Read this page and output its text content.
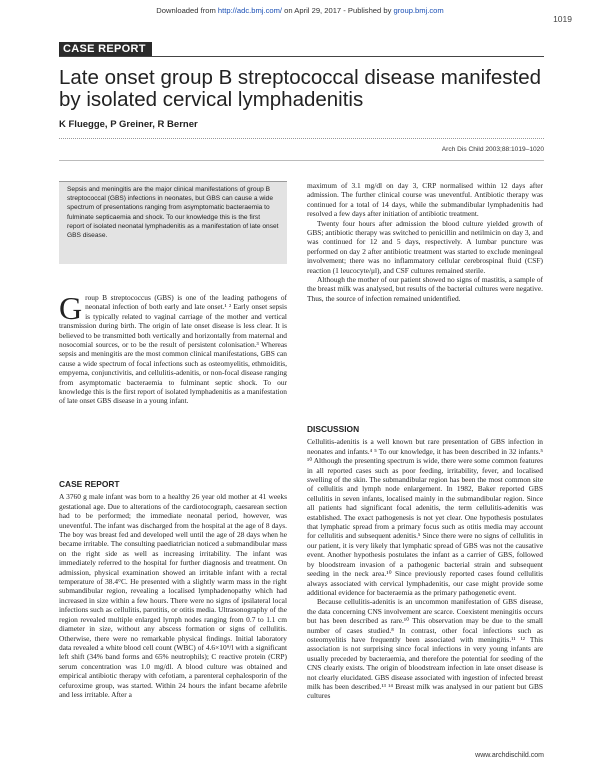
Downloaded from http://adc.bmj.com/ on April 29, 2017 - Published by group.bmj.com
1019
CASE REPORT
Late onset group B streptococcal disease manifested by isolated cervical lymphadenitis
K Fluegge, P Greiner, R Berner
Arch Dis Child 2003;88:1019–1020
Sepsis and meningitis are the major clinical manifestations of group B streptococcal (GBS) infections in neonates, but GBS can cause a wide spectrum of presentations ranging from asymptomatic bacteraemia to fulminate septicaemia and shock. To our knowledge this is the first report of isolated neonatal lymphadenitis as a manifestation of late onset GBS disease.

Group B streptococcus (GBS) is one of the leading pathogens of neonatal infection of both early and late onset.¹ ² Early onset sepsis is typically related to vaginal carriage of the mother and vertical transmission during birth. The origin of late onset disease is less clear. It is believed to be transmitted both vertically and horizontally from maternal and nosocomial sources, or to be the result of persistent colonisation.³ Whereas sepsis and meningitis are the most common clinical manifestations, GBS can cause a wide spectrum of focal infections such as osteomyelitis, ethmoiditis, empyema, conjunctivitis, and cellulitis-adenitis, or non-focal disease ranging from asymptomatic bacteraemia to fulminant septic shock. To our knowledge this is the first report of isolated lymphadenitis as a manifestation of late onset GBS disease in a young infant.

CASE REPORT

A 3760 g male infant was born to a healthy 26 year old mother at 41 weeks gestational age. Due to alterations of the cardiotocograph, caesarean section had to be performed; the immediate neonatal period, however, was uneventful. The infant was discharged from the hospital at the age of 8 days. The boy was breast fed and developed well until the age of 28 days when he became irritable. The consulting paediatrician noticed a submandibular mass on the right side as well as increasing irritability. The infant was immediately referred to the hospital for further diagnosis and treatment. On admission, physical examination showed an irritable infant with a rectal temperature of 38.4°C. He presented with a slightly warm mass in the right submandibular region, revealing a localised lymphadenopathy which had increased in size within a few hours. There were no signs of ipsilateral local infections such as cellulitis, parotitis, or otitis media. Ultrasonography of the region revealed multiple enlarged lymph nodes ranging from 0.7 to 1.1 cm diameter in size, without any abscess formation or signs of cellulitis. Otherwise, there were no remarkable physical findings. Initial laboratory data revealed a white blood cell count (WBC) of 4.6×10⁹/l with a significant left shift (34% band forms and 65% neutrophils); C reactive protein (CRP) serum concentration was 1.0 mg/dl. A blood culture was obtained and empirical antibiotic therapy with cefotiam, a parenteral cephalosporin of the cefuroxime group, was started. Within 24 hours the infant became afebrile and less irritable. After a

maximum of 3.1 mg/dl on day 3, CRP normalised within 12 days after admission. The further clinical course was uneventful. Antibiotic therapy was continued for a total of 14 days, while the submandibular lymphadenitis had resolved a few days after initiation of antibiotic treatment.

Twenty four hours after admission the blood culture yielded growth of GBS; antibiotic therapy was switched to penicillin and netilmicin on day 3, and was continued for 12 and 5 days, respectively. A lumbar puncture was performed on day 2 after antibiotic treatment was started to exclude meningeal involvement; there was no inflammatory cellular cerebrospinal fluid (CSF) reaction (1 leucocyte/μl), and CSF cultures remained sterile.

Although the mother of our patient showed no signs of mastitis, a sample of the breast milk was analysed, but results of the bacterial cultures were negative. Thus, the source of infection remained unidentified.

DISCUSSION

Cellulitis-adenitis is a well known but rare presentation of GBS infection in neonates and infants.⁴ ⁵ To our knowledge, it has been described in 32 infants.⁵ ¹⁰ Although the presenting spectrum is wide, there were some common features in all reported cases such as poor feeding, irritability, fever, and localised swelling of the skin. The submandibular region has been the most common site of cellulitis and lymph node enlargement. In 1982, Baker reported GBS cellulitis in seven infants, localised mainly in the submandibular region. Since all patients had significant focal adenitis, the term cellulitis-adenitis was established. The exact pathogenesis is not yet clear. One hypothesis postulates that lymphatic spread from a primary focus such as otitis media may account for cellulitis and subsequent adenitis.⁵ Since there were no signs of cellulitis in our patient, it is very likely that lymphatic spread of GBS was not the causative event. Another hypothesis postulates the infant as a carrier of GBS, followed by bloodstream invasion of a pathogenic bacterial strain and subsequent seeding in the neck area.¹⁰ Since previously reported cases found cellulitis always associated with cervical lymphadenitis, our case might provide some additional evidence for bacteraemia as the primary pathogenetic event.

Because cellulitis-adenitis is an uncommon manifestation of GBS disease, the data concerning CNS involvement are scarce. Coexistent meningitis occurs but has been described as rare.¹⁰ This observation may be due to the small number of cases studied.⁸ In contrast, other focal infections such as osteomyelitis have frequently been associated with meningitis.¹¹ ¹² This association is not surprising since focal infections in very young infants are usually preceded by bacteraemia, and therefore the potential for seeding of the CNS clearly exists. The origin of bloodstream infection in late onset disease is not clearly elucidated. GBS disease associated with ingestion of infected breast milk has been described.¹³ ¹⁴ Breast milk was analysed in our patient but GBS cultures

www.archdischild.com
